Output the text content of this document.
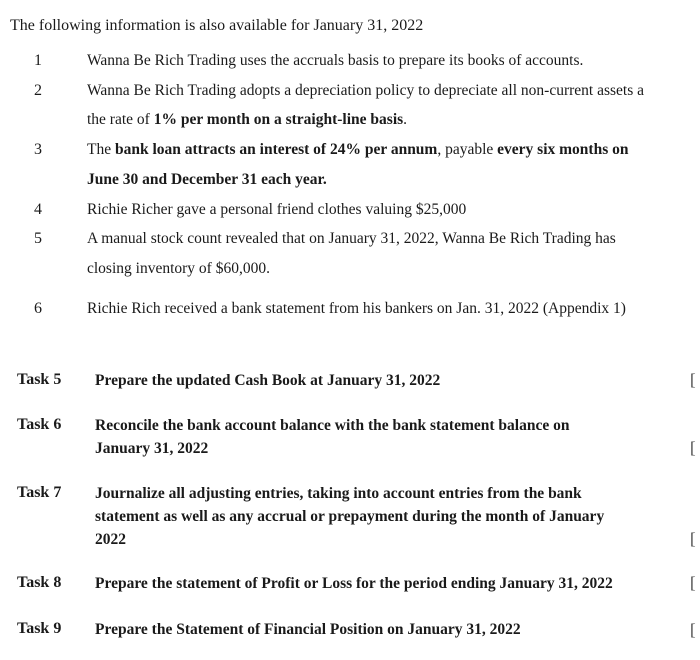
The following information is also available for January 31, 2022
1	Wanna Be Rich Trading uses the accruals basis to prepare its books of accounts.
2	Wanna Be Rich Trading adopts a depreciation policy to depreciate all non-current assets a
the rate of 1% per month on a straight-line basis.
3	The bank loan attracts an interest of 24% per annum, payable every six months on
June 30 and December 31 each year.
4	Richie Richer gave a personal friend clothes valuing $25,000
5	A manual stock count revealed that on January 31, 2022, Wanna Be Rich Trading has
closing inventory of $60,000.
6	Richie Rich received a bank statement from his bankers on Jan. 31, 2022 (Appendix 1)
Task 5 Prepare the updated Cash Book at January 31, 2022	[
Task 6 Reconcile the bank account balance with the bank statement balance on
January 31, 2022	[
Task 7 Journalize all adjusting entries, taking into account entries from the bank
statement as well as any accrual or prepayment during the month of January
2022	[
Task 8 Prepare the statement of Profit or Loss for the period ending January 31, 2022	[
Task 9 Prepare the Statement of Financial Position on January 31, 2022	[
